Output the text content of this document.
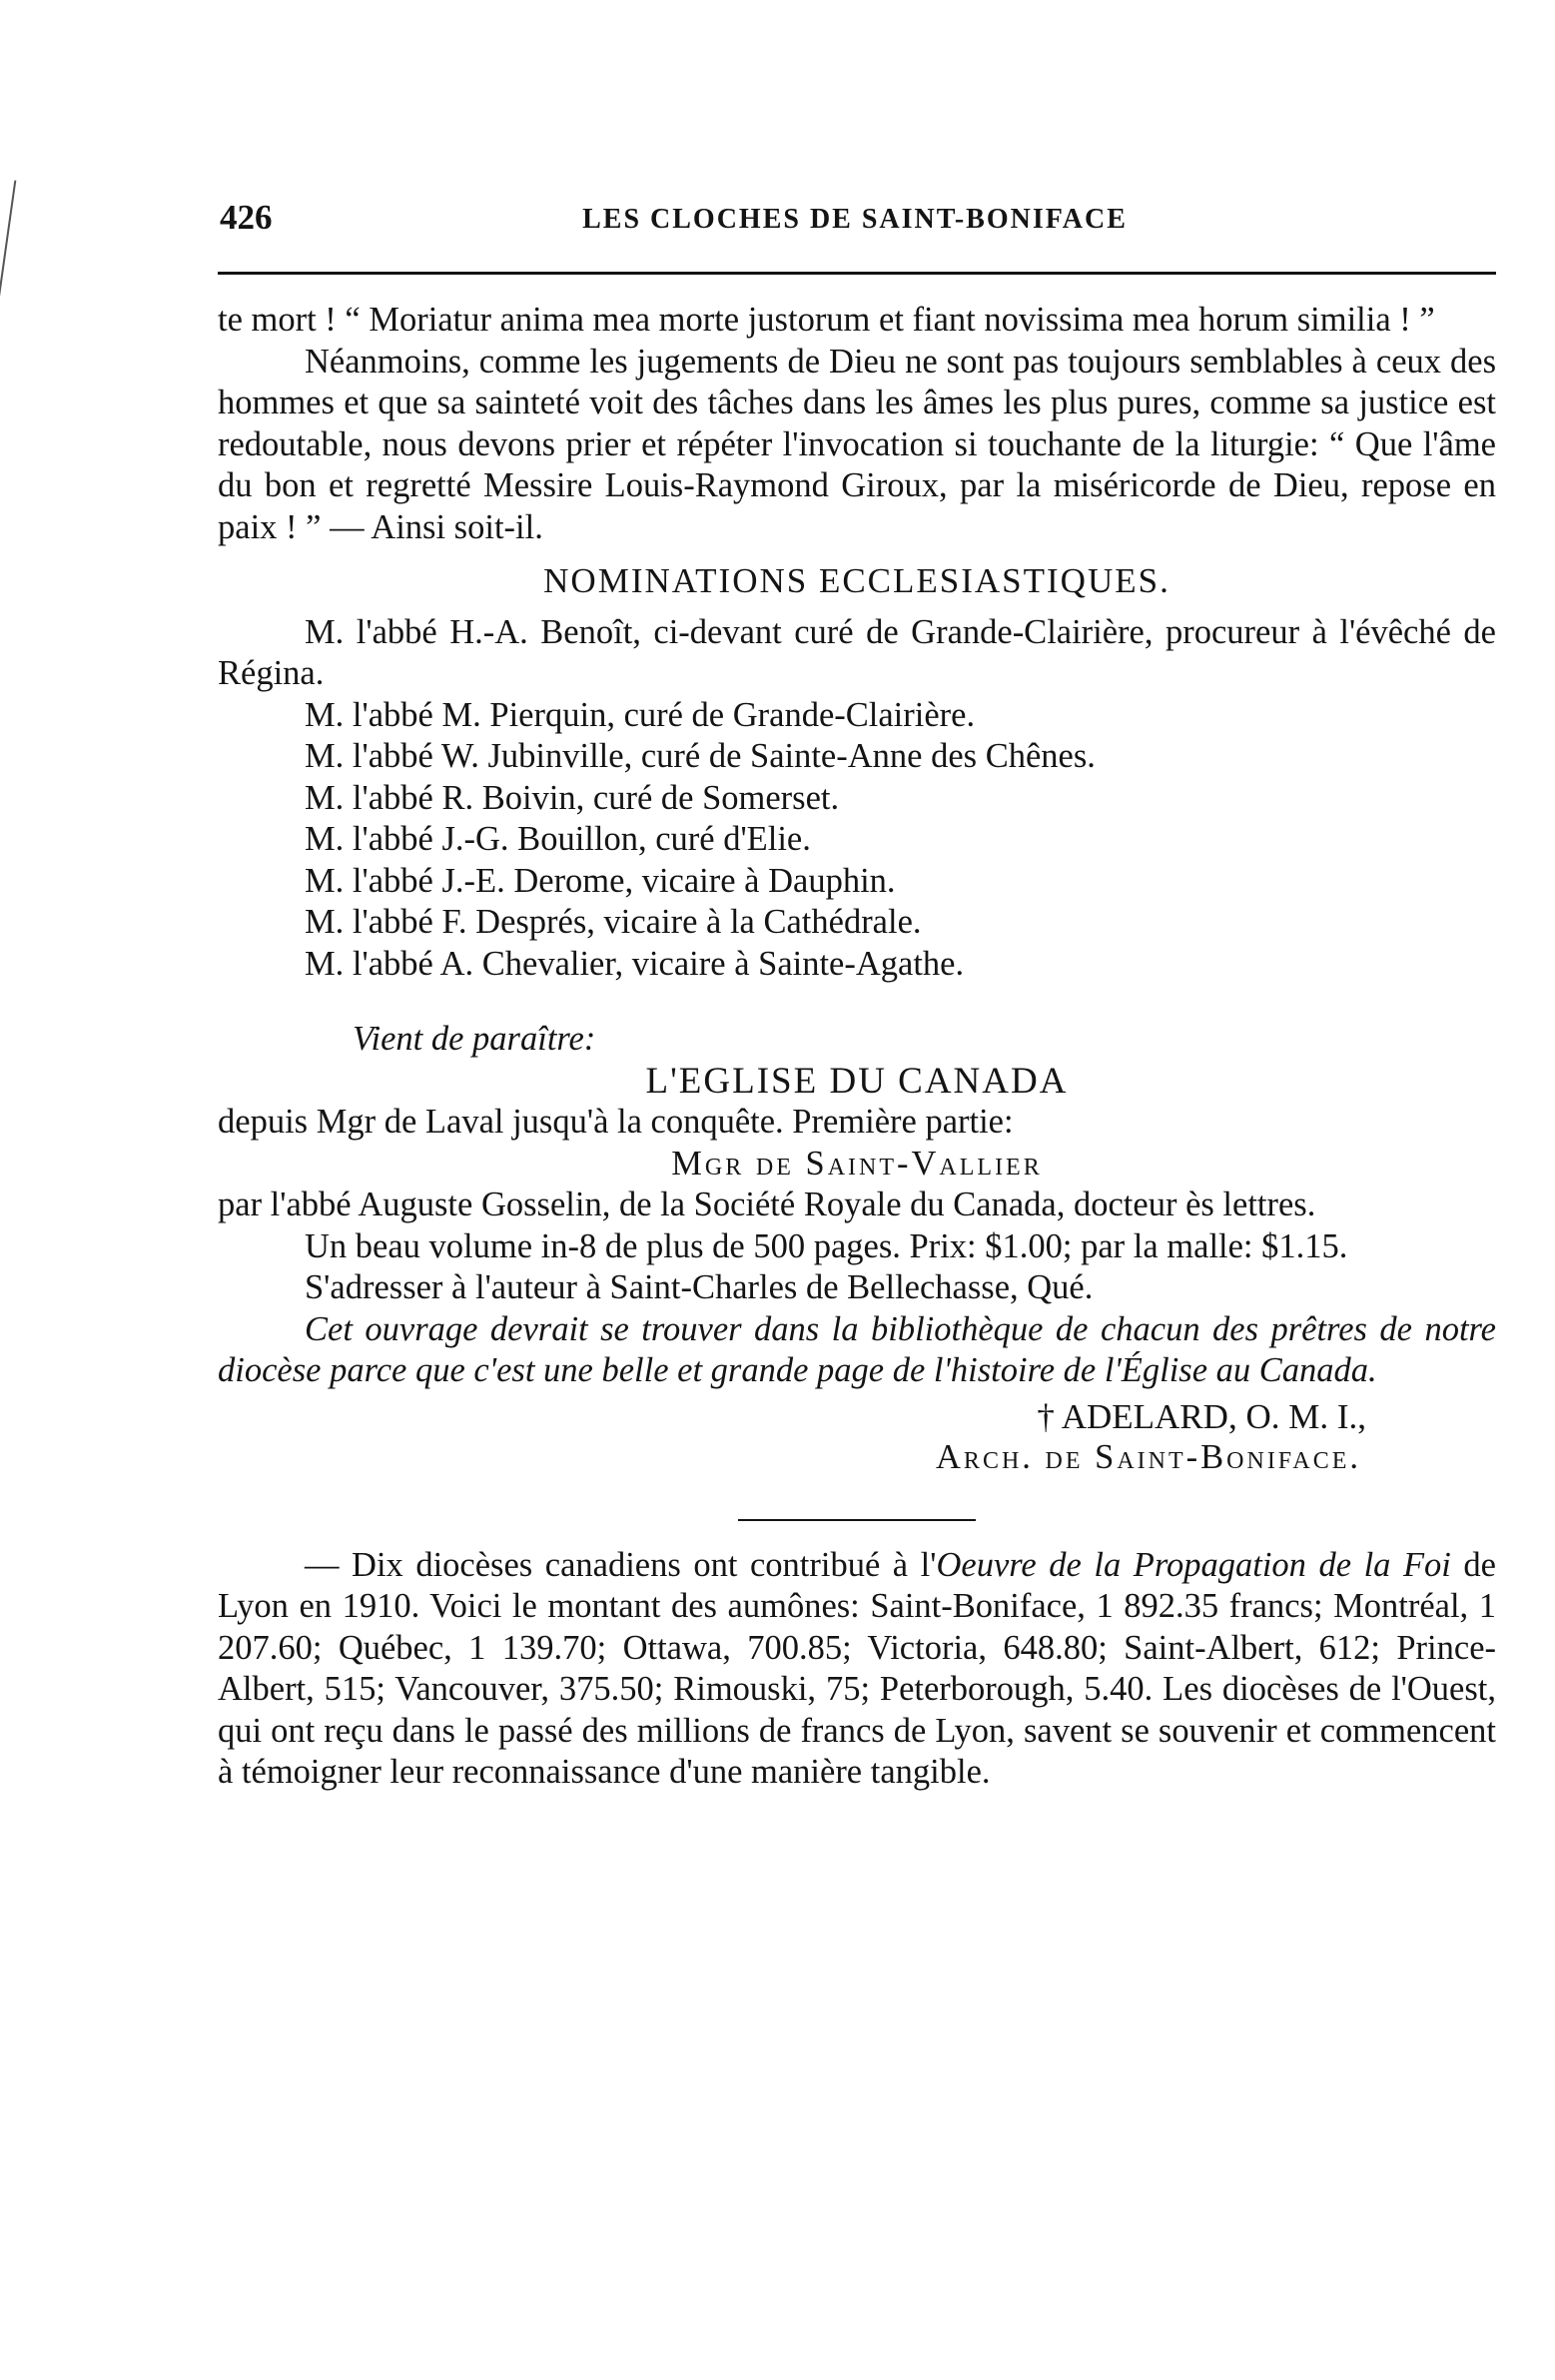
426	LES CLOCHES DE SAINT-BONIFACE

te mort ! “ Moriatur anima mea morte justorum et fiant novissima mea horum similia ! ”

Néanmoins, comme les jugements de Dieu ne sont pas toujours semblables à ceux des hommes et que sa sainteté voit des tâches dans les âmes les plus pures, comme sa justice est redoutable, nous devons prier et répéter l'invocation si touchante de la liturgie: “ Que l'âme du bon et regretté Messire Louis-Raymond Giroux, par la miséricorde de Dieu, repose en paix ! ” — Ainsi soit-il.

NOMINATIONS ECCLESIASTIQUES.

M. l'abbé H.-A. Benoît, ci-devant curé de Grande-Clairière, procureur à l'évêché de Régina.

M. l'abbé M. Pierquin, curé de Grande-Clairière.

M. l'abbé W. Jubinville, curé de Sainte-Anne des Chênes.

M. l'abbé R. Boivin, curé de Somerset.

M. l'abbé J.-G. Bouillon, curé d'Elie.

M. l'abbé J.-E. Derome, vicaire à Dauphin.

M. l'abbé F. Després, vicaire à la Cathédrale.

M. l'abbé A. Chevalier, vicaire à Sainte-Agathe.

Vient de paraître:

L'EGLISE DU CANADA

depuis Mgr de Laval jusqu'à la conquête. Première partie:

Mgr de Saint-Vallier

par l'abbé Auguste Gosselin, de la Société Royale du Canada, docteur ès lettres.

Un beau volume in-8 de plus de 500 pages. Prix: $1.00; par la malle: $1.15.

S'adresser à l'auteur à Saint-Charles de Bellechasse, Qué.

Cet ouvrage devrait se trouver dans la bibliothèque de chacun des prêtres de notre diocèse parce que c'est une belle et grande page de l'histoire de l'Église au Canada.

† ADELARD, O. M. I.,

Arch. de Saint-Boniface.

— Dix diocèses canadiens ont contribué à l'Oeuvre de la Propagation de la Foi de Lyon en 1910. Voici le montant des aumônes: Saint-Boniface, 1 892.35 francs; Montréal, 1 207.60; Québec, 1 139.70; Ottawa, 700.85; Victoria, 648.80; Saint-Albert, 612; Prince-Albert, 515; Vancouver, 375.50; Rimouski, 75; Peterborough, 5.40. Les diocèses de l'Ouest, qui ont reçu dans le passé des millions de francs de Lyon, savent se souvenir et commencent à témoigner leur reconnaissance d'une manière tangible.
